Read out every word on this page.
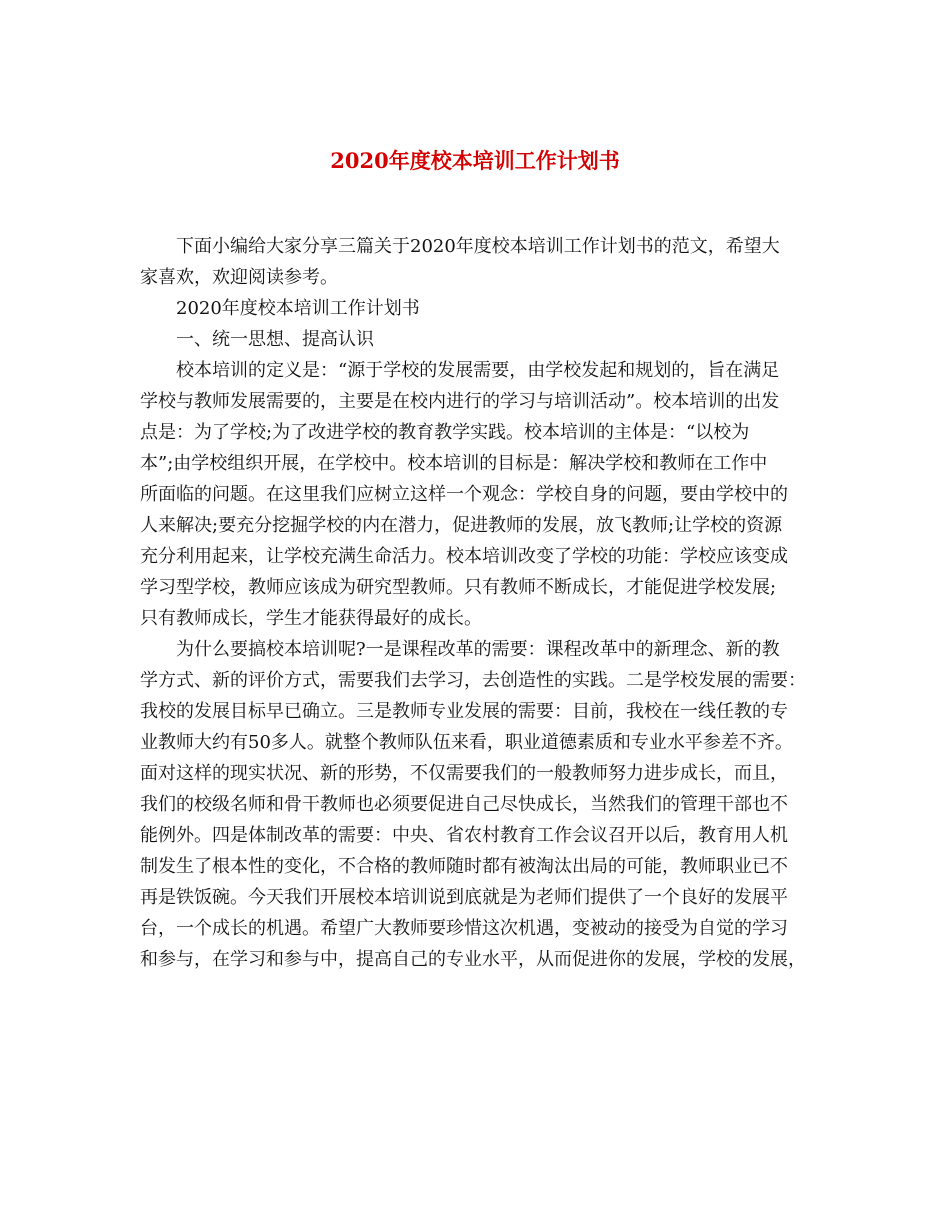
2020年度校本培训工作计划书
下面小编给大家分享三篇关于2020年度校本培训工作计划书的范文，希望大
家喜欢，欢迎阅读参考。
2020年度校本培训工作计划书
一、统一思想、提高认识
校本培训的定义是：“源于学校的发展需要，由学校发起和规划的，旨在满足
学校与教师发展需要的，主要是在校内进行的学习与培训活动”。校本培训的出发
点是：为了学校;为了改进学校的教育教学实践。校本培训的主体是：“以校为
本”;由学校组织开展，在学校中。校本培训的目标是：解决学校和教师在工作中
所面临的问题。在这里我们应树立这样一个观念：学校自身的问题，要由学校中的
人来解决;要充分挖掘学校的内在潜力，促进教师的发展，放飞教师;让学校的资源
充分利用起来，让学校充满生命活力。校本培训改变了学校的功能：学校应该变成
学习型学校，教师应该成为研究型教师。只有教师不断成长，才能促进学校发展;
只有教师成长，学生才能获得最好的成长。
为什么要搞校本培训呢?一是课程改革的需要：课程改革中的新理念、新的教
学方式、新的评价方式，需要我们去学习，去创造性的实践。二是学校发展的需要：
我校的发展目标早已确立。三是教师专业发展的需要：目前，我校在一线任教的专
业教师大约有50多人。就整个教师队伍来看，职业道德素质和专业水平参差不齐。
面对这样的现实状况、新的形势，不仅需要我们的一般教师努力进步成长，而且，
我们的校级名师和骨干教师也必须要促进自己尽快成长，当然我们的管理干部也不
能例外。四是体制改革的需要：中央、省农村教育工作会议召开以后，教育用人机
制发生了根本性的变化，不合格的教师随时都有被淘汰出局的可能，教师职业已不
再是铁饭碗。今天我们开展校本培训说到底就是为老师们提供了一个良好的发展平
台，一个成长的机遇。希望广大教师要珍惜这次机遇，变被动的接受为自觉的学习
和参与，在学习和参与中，提高自己的专业水平，从而促进你的发展，学校的发展，
